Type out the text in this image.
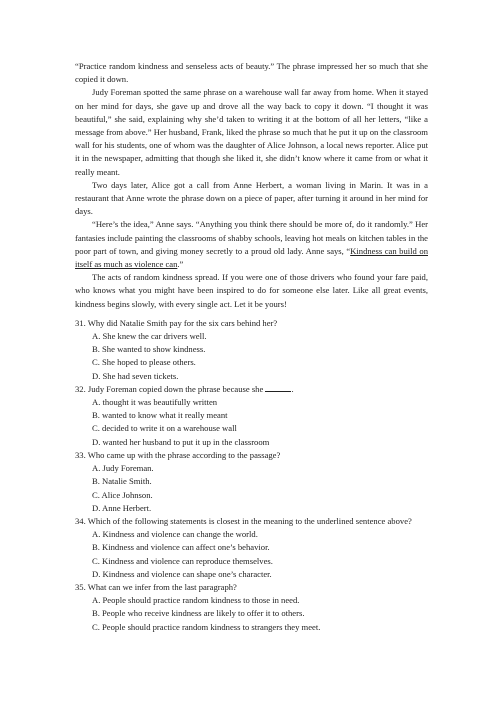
“Practice random kindness and senseless acts of beauty.” The phrase impressed her so much that she copied it down.

Judy Foreman spotted the same phrase on a warehouse wall far away from home. When it stayed on her mind for days, she gave up and drove all the way back to copy it down. “I thought it was beautiful,” she said, explaining why she’d taken to writing it at the bottom of all her letters, “like a message from above.” Her husband, Frank, liked the phrase so much that he put it up on the classroom wall for his students, one of whom was the daughter of Alice Johnson, a local news reporter. Alice put it in the newspaper, admitting that though she liked it, she didn’t know where it came from or what it really meant.

Two days later, Alice got a call from Anne Herbert, a woman living in Marin. It was in a restaurant that Anne wrote the phrase down on a piece of paper, after turning it around in her mind for days.

“Here’s the idea,” Anne says. “Anything you think there should be more of, do it randomly.” Her fantasies include painting the classrooms of shabby schools, leaving hot meals on kitchen tables in the poor part of town, and giving money secretly to a proud old lady. Anne says, “Kindness can build on itself as much as violence can.”

The acts of random kindness spread. If you were one of those drivers who found your fare paid, who knows what you might have been inspired to do for someone else later. Like all great events, kindness begins slowly, with every single act. Let it be yours!

31. Why did Natalie Smith pay for the six cars behind her?

A. She knew the car drivers well.

B. She wanted to show kindness.

C. She hoped to please others.

D. She had seven tickets.

32. Judy Foreman copied down the phrase because she	.

A. thought it was beautifully written

B. wanted to know what it really meant

C. decided to write it on a warehouse wall

D. wanted her husband to put it up in the classroom

33. Who came up with the phrase according to the passage?

A. Judy Foreman.

B. Natalie Smith.

C. Alice Johnson.

D. Anne Herbert.

34. Which of the following statements is closest in the meaning to the underlined sentence above?

A. Kindness and violence can change the world.

B. Kindness and violence can affect one’s behavior.

C. Kindness and violence can reproduce themselves.

D. Kindness and violence can shape one’s character.

35. What can we infer from the last paragraph?

A. People should practice random kindness to those in need.

B. People who receive kindness are likely to offer it to others.

C. People should practice random kindness to strangers they meet.
